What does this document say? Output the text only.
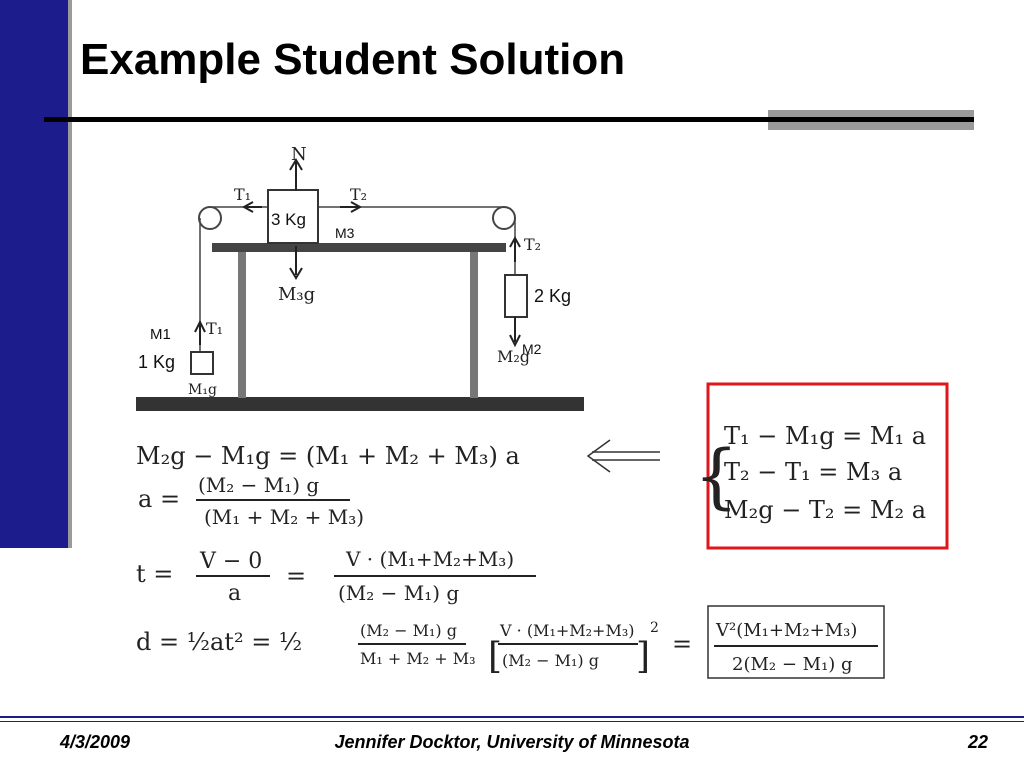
Example Student Solution
3 Kg
M3
2 Kg
M2
1 Kg
M1
N
M₃g
T₁	T₂
T₂
M₂g
T₁
M₁g
{
T₁ − M₁g = M₁ a
T₂ − T₁ = M₃ a
M₂g − T₂ = M₂ a
M₂g − M₁g = (M₁ + M₂ + M₃) a
a = (M₂ − M₁) g
(M₁ + M₂ + M₃)
t = V − 0
a
=
V · (M₁+M₂+M₃)
(M₂ − M₁) g
d = ½at² = ½	(M₂ − M₁) g
M₁ + M₂ + M₃ [
V · (M₁+M₂+M₃)
(M₂ − M₁) g ]
2
= V²(M₁+M₂+M₃)
2(M₂ − M₁) g
4/3/2009	Jennifer Docktor, University of Minnesota	22
